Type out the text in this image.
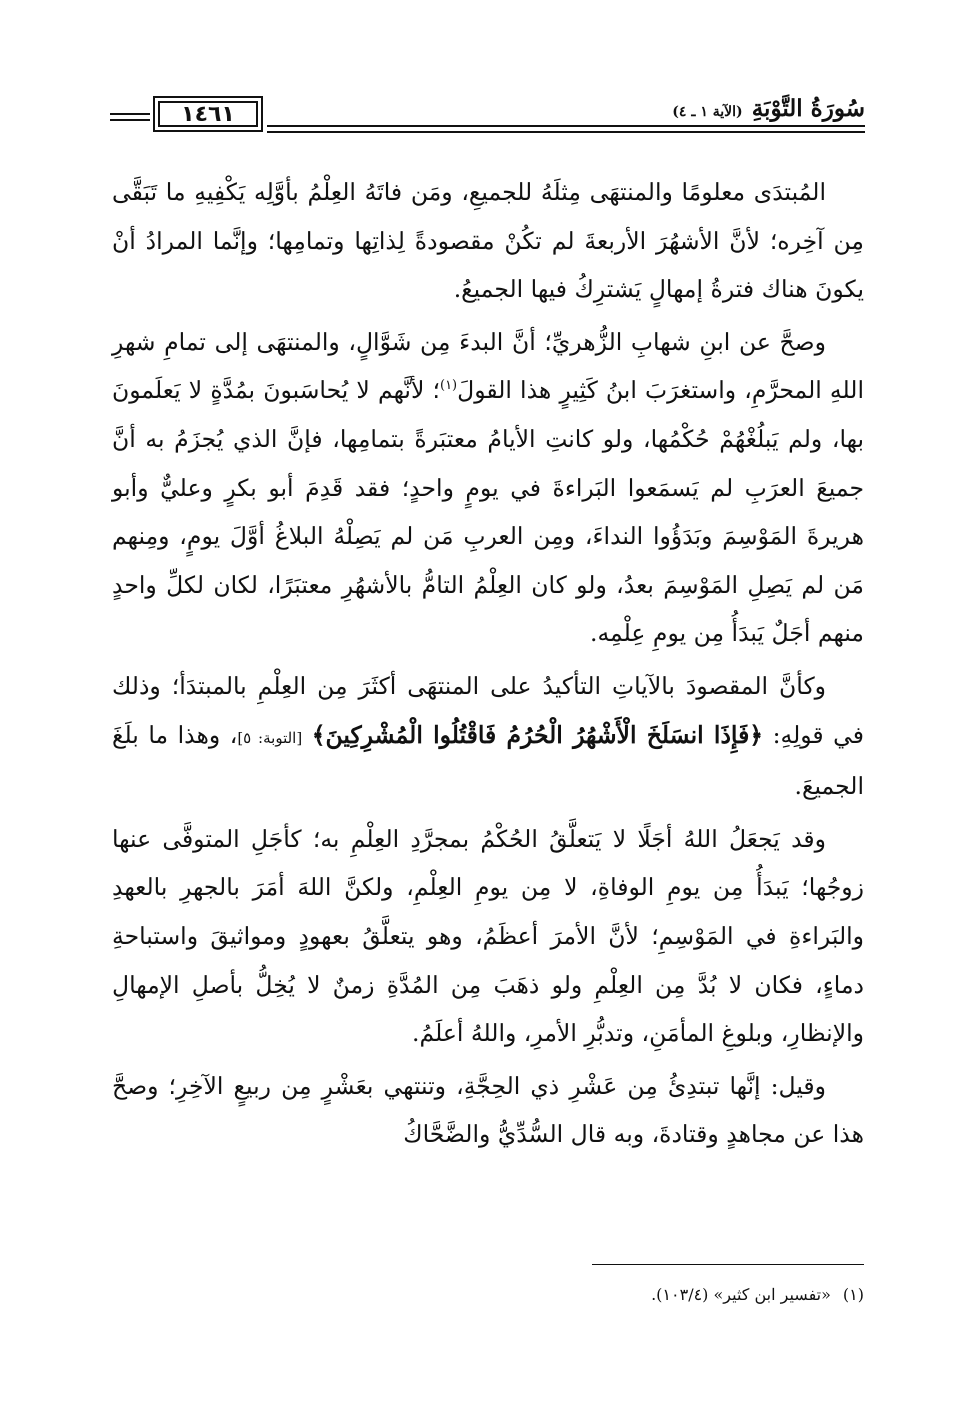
١٤٦١	سُورَةُ التَّوْبَةِ (الآية ١ ـ ٤)

المُبتدَى معلومًا والمنتهَى مِثلَهُ للجميعِ، ومَن فاتَهُ العِلْمُ بأوَّلِه يَكْفِيهِ ما تَبَقَّى مِن آخِره؛ لأنَّ الأشهُرَ الأربعةَ لم تكُنْ مقصودةً لِذاتِها وتمامِها؛ وإنَّما المرادُ أنْ يكونَ هناك فترةُ إمهالٍ يَشترِكُ فيها الجميعُ.

وصحَّ عن ابنِ شهابِ الزُّهريِّ؛ أنَّ البدءَ مِن شَوَّالٍ، والمنتهَى إلى تمامِ شهرِ اللهِ المحرَّمِ، واستغرَبَ ابنُ كَثِيرٍ هذا القولَ$^{(١)}$؛ لأنَّهم لا يُحاسَبونَ بمُدَّةٍ لا يَعلَمونَ بها، ولم يَبلُغْهُمْ حُكْمُها، ولو كانتِ الأيامُ معتبَرةً بتمامِها، فإنَّ الذي يُجزَمُ به أنَّ جميعَ العرَبِ لم يَسمَعوا البَراءةَ في يومٍ واحدٍ؛ فقد قَدِمَ أبو بكرٍ وعليٌّ وأبو هريرةَ المَوْسِمَ وبَدَؤُوا النداءَ، ومِن العربِ مَن لم يَصِلْهُ البلاغُ أوَّلَ يومٍ، ومِنهم مَن لم يَصِلِ المَوْسِمَ بعدُ، ولو كان العِلْمُ التامُّ بالأشهُرِ معتبَرًا، لكان لكلِّ واحدٍ منهم أجَلٌ يَبدَأُ مِن يومِ عِلْمِه.

وكأنَّ المقصودَ بالآياتِ التأكيدُ على المنتهَى أكثَرَ مِن العِلْمِ بالمبتدَأ؛ وذلك في قولِهِ: ﴿فَإِذَا انسَلَخَ الْأَشْهُرُ الْحُرُمُ فَاقْتُلُوا الْمُشْرِكِينَ﴾ [التوبة: ٥]، وهذا ما بلَغَ الجميعَ.

وقد يَجعَلُ اللهُ أجَلًا لا يَتعلَّقُ الحُكْمُ بمجرَّدِ العِلْمِ به؛ كأجَلِ المتوفَّى عنها زوجُها؛ يَبدَأُ مِن يومِ الوفاةِ، لا مِن يومِ العِلْمِ، ولكنَّ اللهَ أمَرَ بالجهرِ بالعهدِ والبَراءةِ في المَوْسِمِ؛ لأنَّ الأمرَ أعظَمُ، وهو يتعلَّقُ بعهودٍ ومواثيقَ واستباحةِ دماءٍ، فكان لا بُدَّ مِن العِلْمِ ولو ذهَبَ مِن المُدَّةِ زمنٌ لا يُخِلُّ بأصلِ الإمهالِ والإنظارِ، وبلوغِ المأمَنِ، وتدبُّرِ الأمرِ، واللهُ أعلَمُ.

وقيل: إنَّها تبتدِئُ مِن عَشْرِ ذي الحِجَّةِ، وتنتهي بعَشْرٍ مِن ربيعٍ الآخِرِ؛ وصحَّ هذا عن مجاهدٍ وقتادةَ، وبه قال السُّدِّيُّ والضَّحَّاكُ

(١)«تفسير ابن كثير» (١٠٣/٤).
